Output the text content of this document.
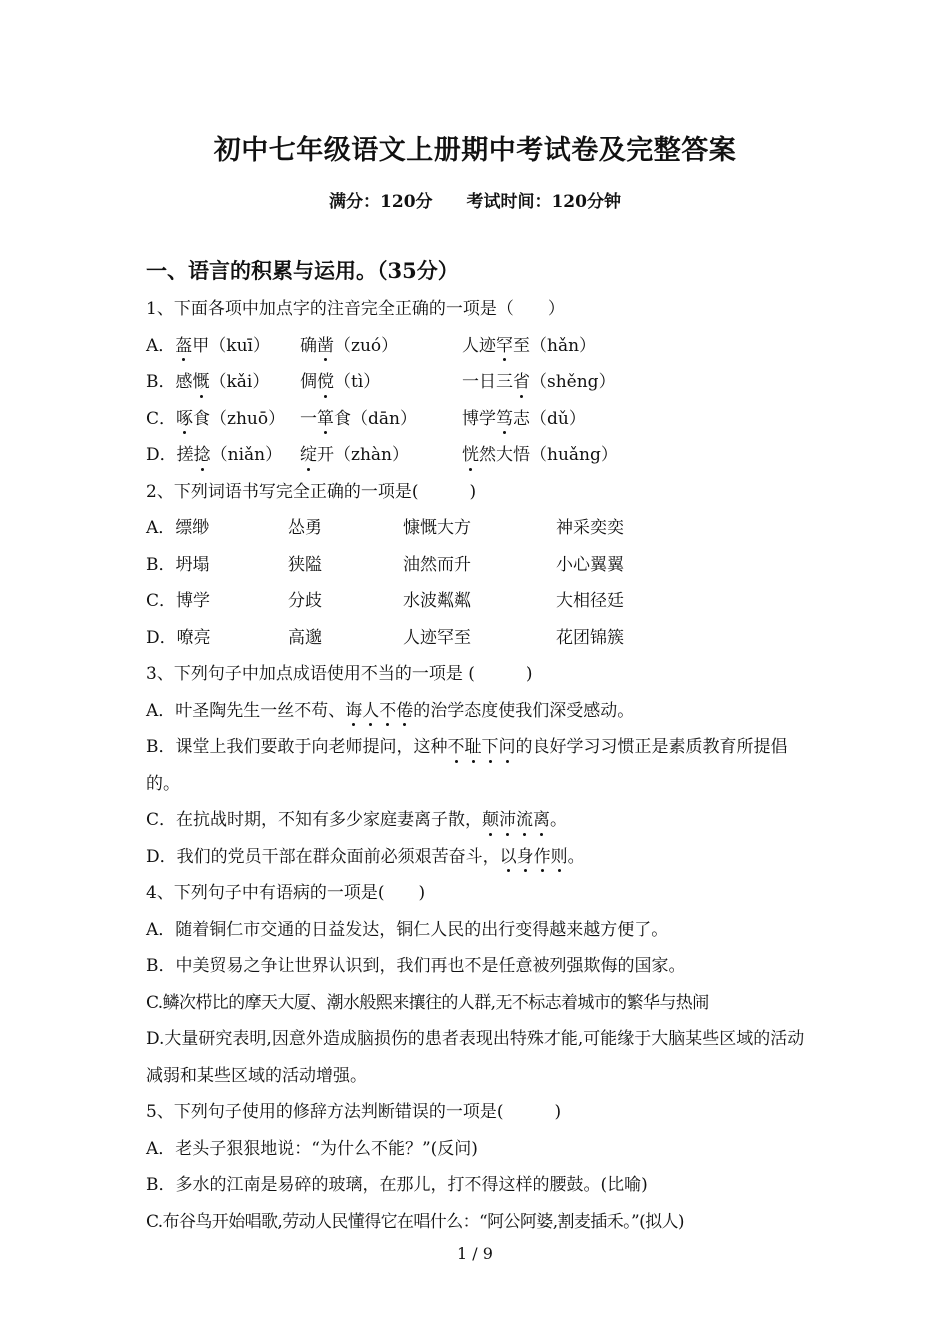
初中七年级语文上册期中考试卷及完整答案
满分：120分 考试时间：120分钟
一、语言的积累与运用。（35分）
1、下面各项中加点字的注音完全正确的一项是（　　）
A．盔甲（kuī）	确凿（zuó）	人迹罕至（hǎn）
B．感慨（kǎi）	倜傥（tì）	一日三省（shěng）
C．啄食（zhuō） 一箪食（dān）	博学笃志（dǔ）
D．搓捻（niǎn）	绽开（zhàn）	恍然大悟（huǎng）
2、下列词语书写完全正确的一项是(　　　)
A．缥缈	怂勇	慷慨大方	神采奕奕
B．坍塌	狭隘	油然而升	小心翼翼
C．博学	分歧	水波粼粼	大相径廷
D．嘹亮	高邈	人迹罕至	花团锦簇
3、下列句子中加点成语使用不当的一项是 (　　　)
A．叶圣陶先生一丝不苟、诲人不倦的治学态度使我们深受感动。
B．课堂上我们要敢于向老师提问，这种不耻下问的良好学习习惯正是素质教育所提倡的。
C．在抗战时期，不知有多少家庭妻离子散，颠沛流离。
D．我们的党员干部在群众面前必须艰苦奋斗，以身作则。
4、下列句子中有语病的一项是(　　)
A．随着铜仁市交通的日益发达，铜仁人民的出行变得越来越方便了。
B．中美贸易之争让世界认识到，我们再也不是任意被列强欺侮的国家。
C.鳞次栉比的摩天大厦、潮水般熙来攘往的人群,无不标志着城市的繁华与热闹
D.大量研究表明,因意外造成脑损伤的患者表现出特殊才能,可能缘于大脑某些区域的活动减弱和某些区域的活动增强。
5、下列句子使用的修辞方法判断错误的一项是(　　　)
A．老头子狠狠地说：“为什么不能？”(反问)
B．多水的江南是易碎的玻璃，在那儿，打不得这样的腰鼓。(比喻)
C.布谷鸟开始唱歌,劳动人民懂得它在唱什么：“阿公阿婆,割麦插禾。”(拟人)
1 / 9
